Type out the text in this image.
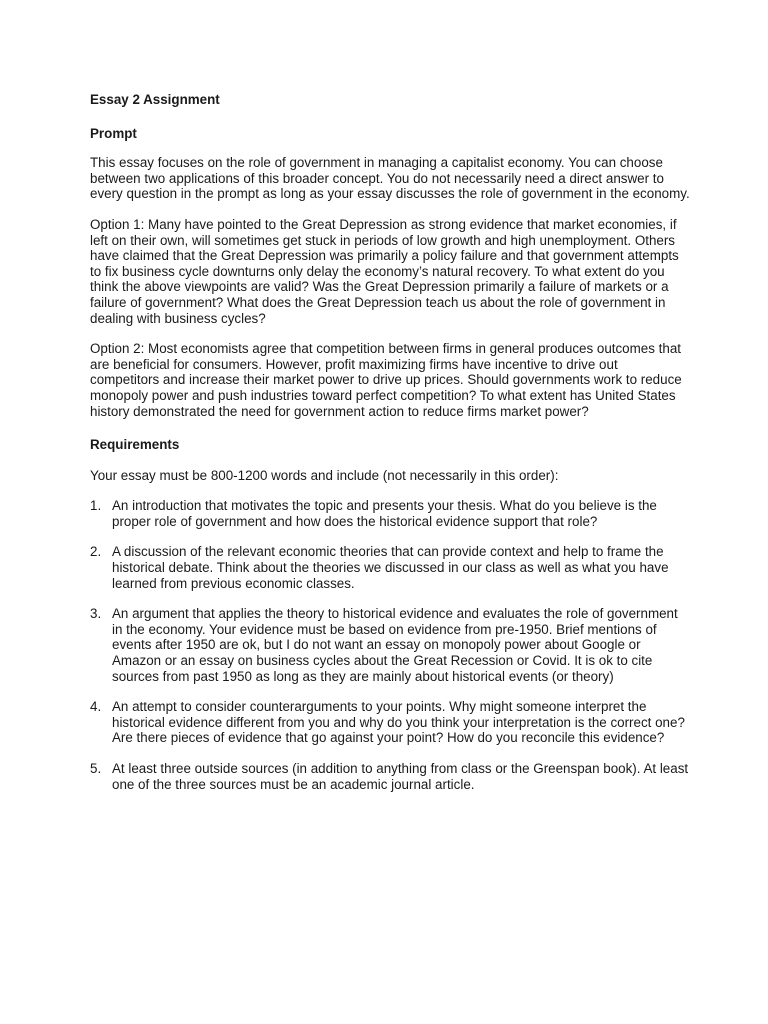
Essay 2 Assignment
Prompt

This essay focuses on the role of government in managing a capitalist economy. You can choose between two applications of this broader concept. You do not necessarily need a direct answer to every question in the prompt as long as your essay discusses the role of government in the economy.

Option 1: Many have pointed to the Great Depression as strong evidence that market economies, if left on their own, will sometimes get stuck in periods of low growth and high unemployment. Others have claimed that the Great Depression was primarily a policy failure and that government attempts to fix business cycle downturns only delay the economy’s natural recovery. To what extent do you think the above viewpoints are valid? Was the Great Depression primarily a failure of markets or a failure of government? What does the Great Depression teach us about the role of government in dealing with business cycles?

Option 2: Most economists agree that competition between firms in general produces outcomes that are beneficial for consumers. However, profit maximizing firms have incentive to drive out competitors and increase their market power to drive up prices. Should governments work to reduce monopoly power and push industries toward perfect competition? To what extent has United States history demonstrated the need for government action to reduce firms market power?

Requirements

Your essay must be 800-1200 words and include (not necessarily in this order):

1. An introduction that motivates the topic and presents your thesis. What do you believe is the proper role of government and how does the historical evidence support that role?
2. A discussion of the relevant economic theories that can provide context and help to frame the historical debate. Think about the theories we discussed in our class as well as what you have learned from previous economic classes.
3. An argument that applies the theory to historical evidence and evaluates the role of government in the economy. Your evidence must be based on evidence from pre-1950. Brief mentions of events after 1950 are ok, but I do not want an essay on monopoly power about Google or Amazon or an essay on business cycles about the Great Recession or Covid. It is ok to cite sources from past 1950 as long as they are mainly about historical events (or theory)
4. An attempt to consider counterarguments to your points. Why might someone interpret the historical evidence different from you and why do you think your interpretation is the correct one? Are there pieces of evidence that go against your point? How do you reconcile this evidence?
5. At least three outside sources (in addition to anything from class or the Greenspan book). At least one of the three sources must be an academic journal article.
